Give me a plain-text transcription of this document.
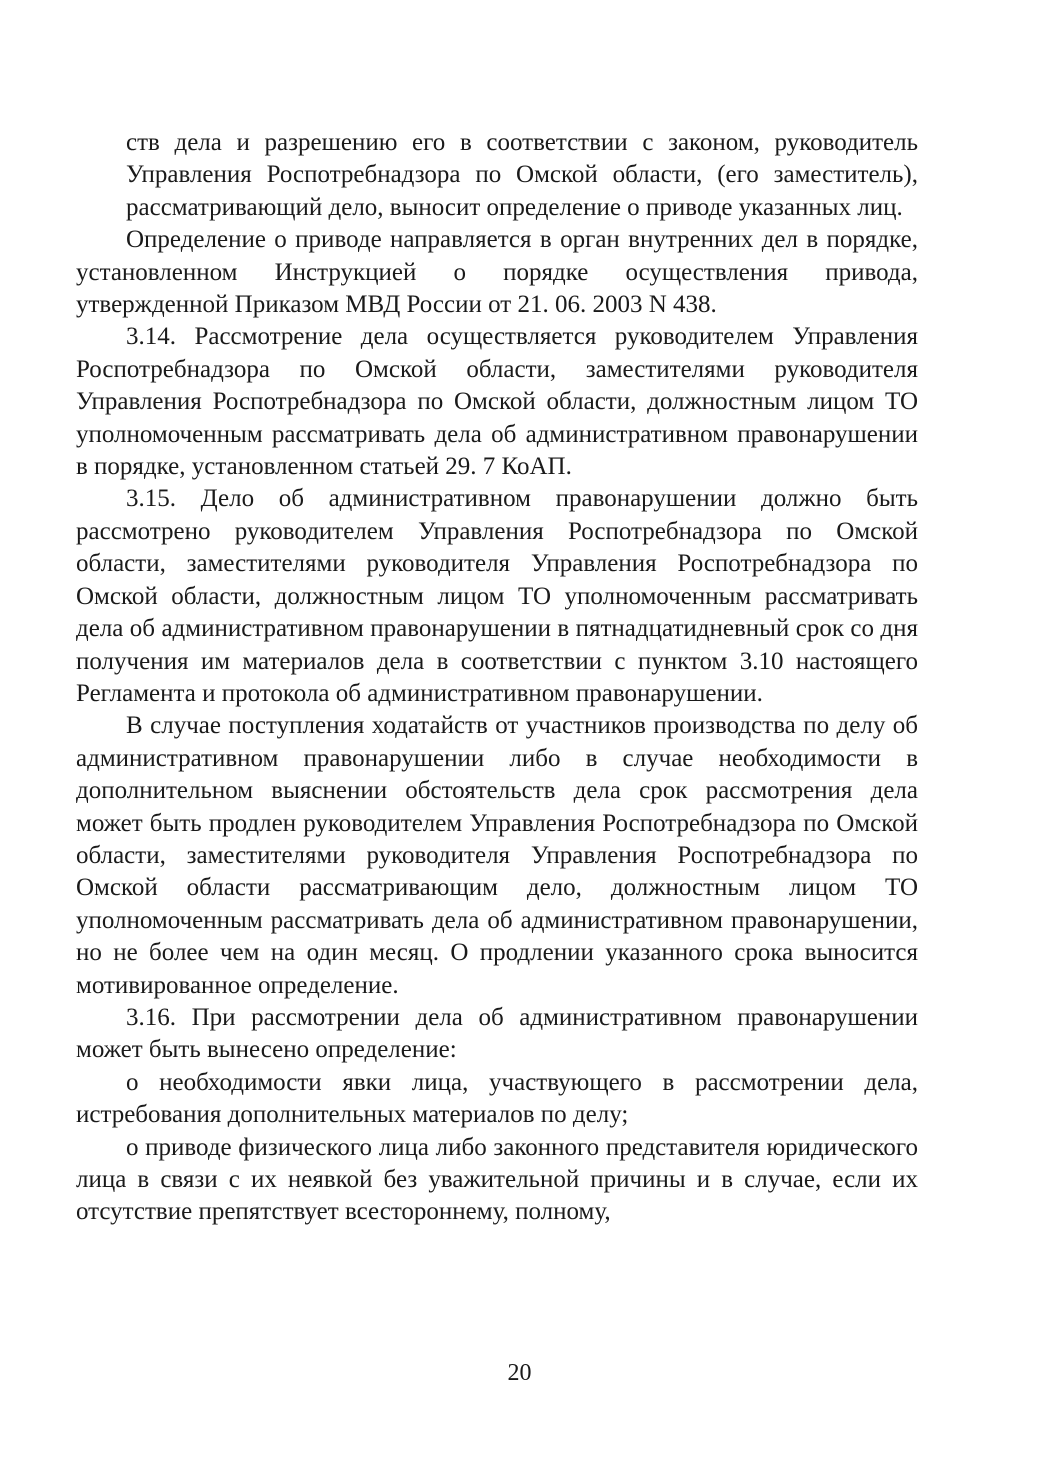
ств дела и разрешению его в соответствии с законом, руководитель Управления Роспотребнадзора по Омской области, (его заместитель), рассматривающий дело, выносит определение о приводе указанных лиц.

Определение о приводе направляется в орган внутренних дел в порядке, установленном Инструкцией о порядке осуществления привода, утвержденной Приказом МВД России от 21. 06. 2003 N 438.

3.14. Рассмотрение дела осуществляется руководителем Управления Роспотребнадзора по Омской области, заместителями руководителя Управления Роспотребнадзора по Омской области, должностным лицом ТО уполномоченным рассматривать дела об административном правонарушении в порядке, установленном статьей 29. 7 КоАП.

3.15. Дело об административном правонарушении должно быть рассмотрено руководителем Управления Роспотребнадзора по Омской области, заместителями руководителя Управления Роспотребнадзора по Омской области, должностным лицом ТО уполномоченным рассматривать дела об административном правонарушении в пятнадцатидневный срок со дня получения им материалов дела в соответствии с пунктом 3.10 настоящего Регламента и протокола об административном правонарушении.

В случае поступления ходатайств от участников производства по делу об административном правонарушении либо в случае необходимости в дополнительном выяснении обстоятельств дела срок рассмотрения дела может быть продлен руководителем Управления Роспотребнадзора по Омской области, заместителями руководителя Управления Роспотребнадзора по Омской области рассматривающим дело, должностным лицом ТО уполномоченным рассматривать дела об административном правонарушении, но не более чем на один месяц. О продлении указанного срока выносится мотивированное определение.

3.16. При рассмотрении дела об административном правонарушении может быть вынесено определение:

о необходимости явки лица, участвующего в рассмотрении дела, истребования дополнительных материалов по делу;

о приводе физического лица либо законного представителя юридического лица в связи с их неявкой без уважительной причины и в случае, если их отсутствие препятствует всестороннему, полному,

20
